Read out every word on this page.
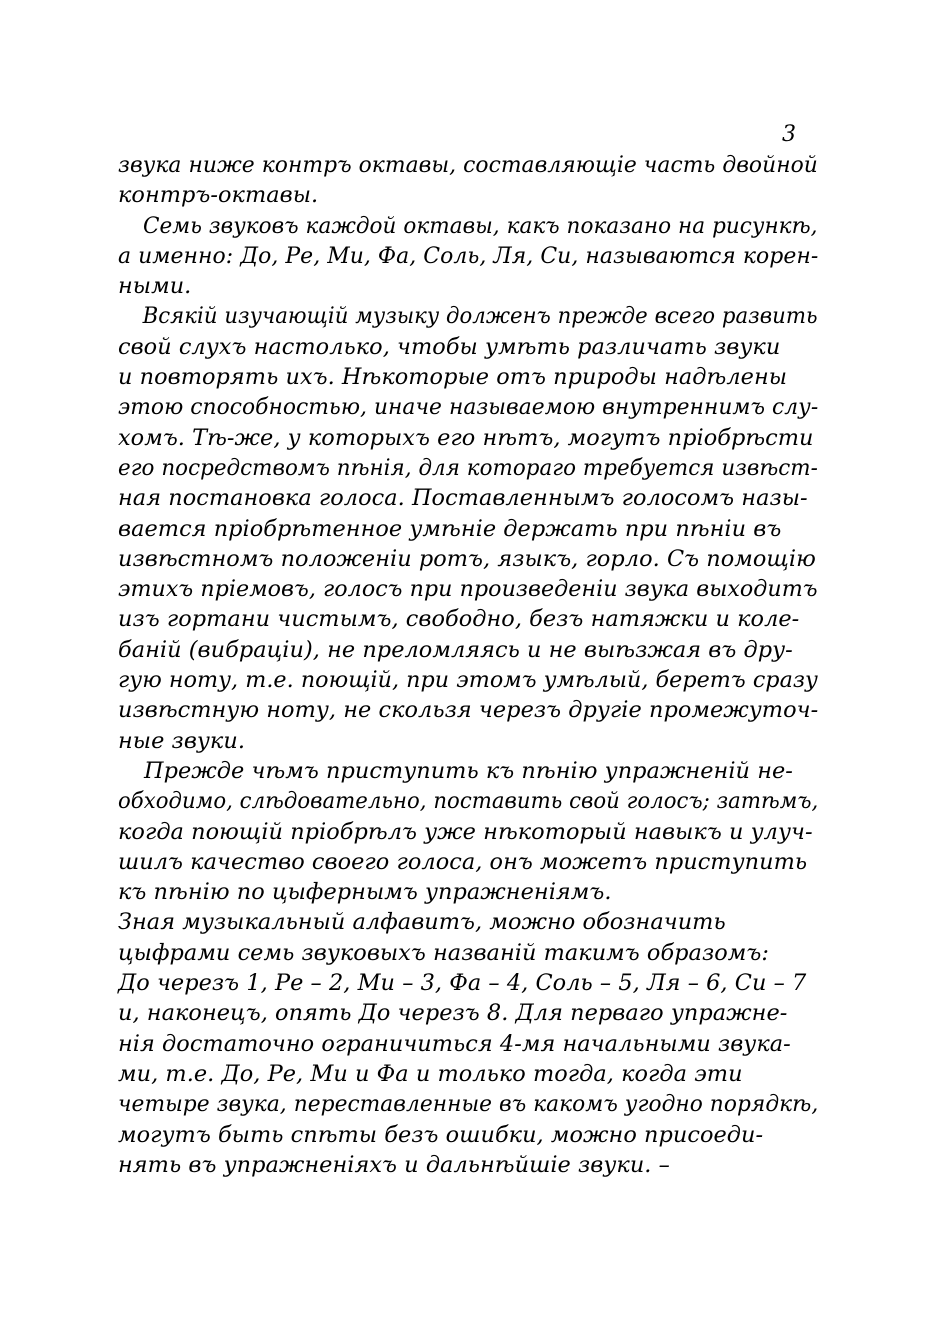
3
звука ниже контръ октавы, составляющіе часть двойной
контръ-октавы.
Семь звуковъ каждой октавы, какъ показано на рисункѣ,
а именно: До, Ре, Ми, Фа, Соль, Ля, Си, называются корен-
ными.
Всякій изучающій музыку долженъ прежде всего развить
свой слухъ настолько, чтобы умѣть различать звуки
и повторять ихъ. Нѣкоторые отъ природы надѣлены
этою способностью, иначе называемою внутреннимъ слу-
хомъ. Тѣ-же, у которыхъ его нѣтъ, могутъ пріобрѣсти
его посредствомъ пѣнія, для котораго требуется извѣст-
ная постановка голоса. Поставленнымъ голосомъ назы-
вается пріобрѣтенное умѣніе держать при пѣніи въ
извѣстномъ положеніи ротъ, языкъ, горло. Съ помощію
этихъ пріемовъ, голосъ при произведеніи звука выходитъ
изъ гортани чистымъ, свободно, безъ натяжки и коле-
баній (вибраціи), не преломляясь и не выѣзжая въ дру-
гую ноту, т.е. поющій, при этомъ умѣлый, беретъ сразу
извѣстную ноту, не скользя черезъ другіе промежуточ-
ные звуки.
Прежде чѣмъ приступить къ пѣнію упражненій не-
обходимо, слѣдовательно, поставить свой голосъ; затѣмъ,
когда поющій пріобрѣлъ уже нѣкоторый навыкъ и улуч-
шилъ качество своего голоса, онъ можетъ приступить
къ пѣнію по цыфернымъ упражненіямъ.
Зная музыкальный алфавитъ, можно обозначить
цыфрами семь звуковыхъ названій такимъ образомъ:
До черезъ 1, Ре – 2, Ми – 3, Фа – 4, Соль – 5, Ля – 6, Си – 7
и, наконецъ, опять До черезъ 8. Для перваго упражне-
нія достаточно ограничиться 4-мя начальными звука-
ми, т.е. До, Ре, Ми и Фа и только тогда, когда эти
четыре звука, переставленные въ какомъ угодно порядкѣ,
могутъ быть спѣты безъ ошибки, можно присоеди-
нять въ упражненіяхъ и дальнѣйшіе звуки. –
